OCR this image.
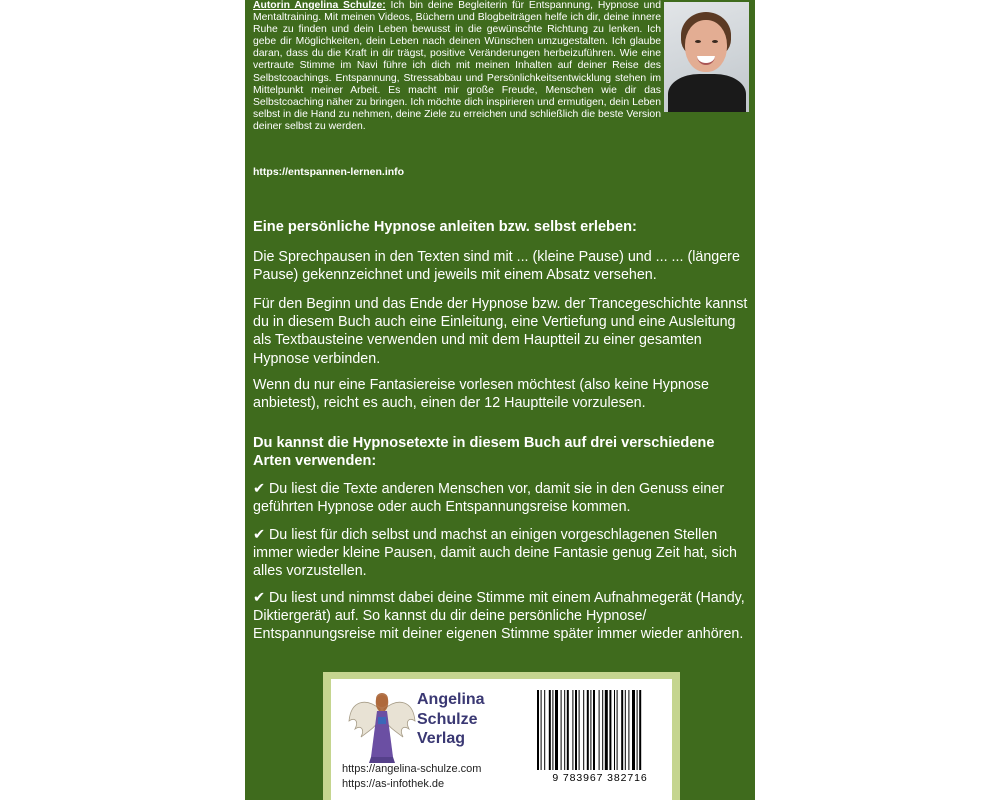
Autorin Angelina Schulze: Ich bin deine Begleiterin für Entspannung, Hypnose und Mentaltraining. Mit meinen Videos, Büchern und Blogbeiträgen helfe ich dir, deine innere Ruhe zu finden und dein Leben bewusst in die gewünschte Richtung zu lenken. Ich gebe dir Möglichkeiten, dein Leben nach deinen Wünschen umzugestalten. Ich glaube daran, dass du die Kraft in dir trägst, positive Veränderungen herbeizuführen. Wie eine vertraute Stimme im Navi führe ich dich mit meinen Inhalten auf deiner Reise des Selbstcoachings. Entspannung, Stressabbau und Persönlichkeitsentwicklung stehen im Mittelpunkt meiner Arbeit. Es macht mir große Freude, Menschen wie dir das Selbstcoaching näher zu bringen. Ich möchte dich inspirieren und ermutigen, dein Leben selbst in die Hand zu nehmen, deine Ziele zu erreichen und schließlich die beste Version deiner selbst zu werden.

https://entspannen-lernen.info
Eine persönliche Hypnose anleiten bzw. selbst erleben:

Die Sprechpausen in den Texten sind mit ... (kleine Pause) und ... ... (längere Pause) gekennzeichnet und jeweils mit einem Absatz versehen.

Für den Beginn und das Ende der Hypnose bzw. der Trancegeschichte kannst du in diesem Buch auch eine Einleitung, eine Vertiefung und eine Ausleitung als Textbausteine verwenden und mit dem Hauptteil zu einer gesamten Hypnose verbinden.

Wenn du nur eine Fantasiereise vorlesen möchtest (also keine Hypnose anbietest), reicht es auch, einen der 12 Hauptteile vorzulesen.

Du kannst die Hypnosetexte in diesem Buch auf drei verschiedene Arten verwenden:

✔ Du liest die Texte anderen Menschen vor, damit sie in den Genuss einer geführten Hypnose oder auch Entspannungsreise kommen.

✔ Du liest für dich selbst und machst an einigen vorgeschlagenen Stellen immer wieder kleine Pausen, damit auch deine Fantasie genug Zeit hat, sich alles vorzustellen.

✔ Du liest und nimmst dabei deine Stimme mit einem Aufnahmegerät (Handy, Diktiergerät) auf. So kannst du dir deine persönliche Hypnose/ Entspannungsreise mit deiner eigenen Stimme später immer wieder anhören.

Angelina
Schulze
Verlag

https://angelina-schulze.com

https://as-infothek.de	9 783967 382716
